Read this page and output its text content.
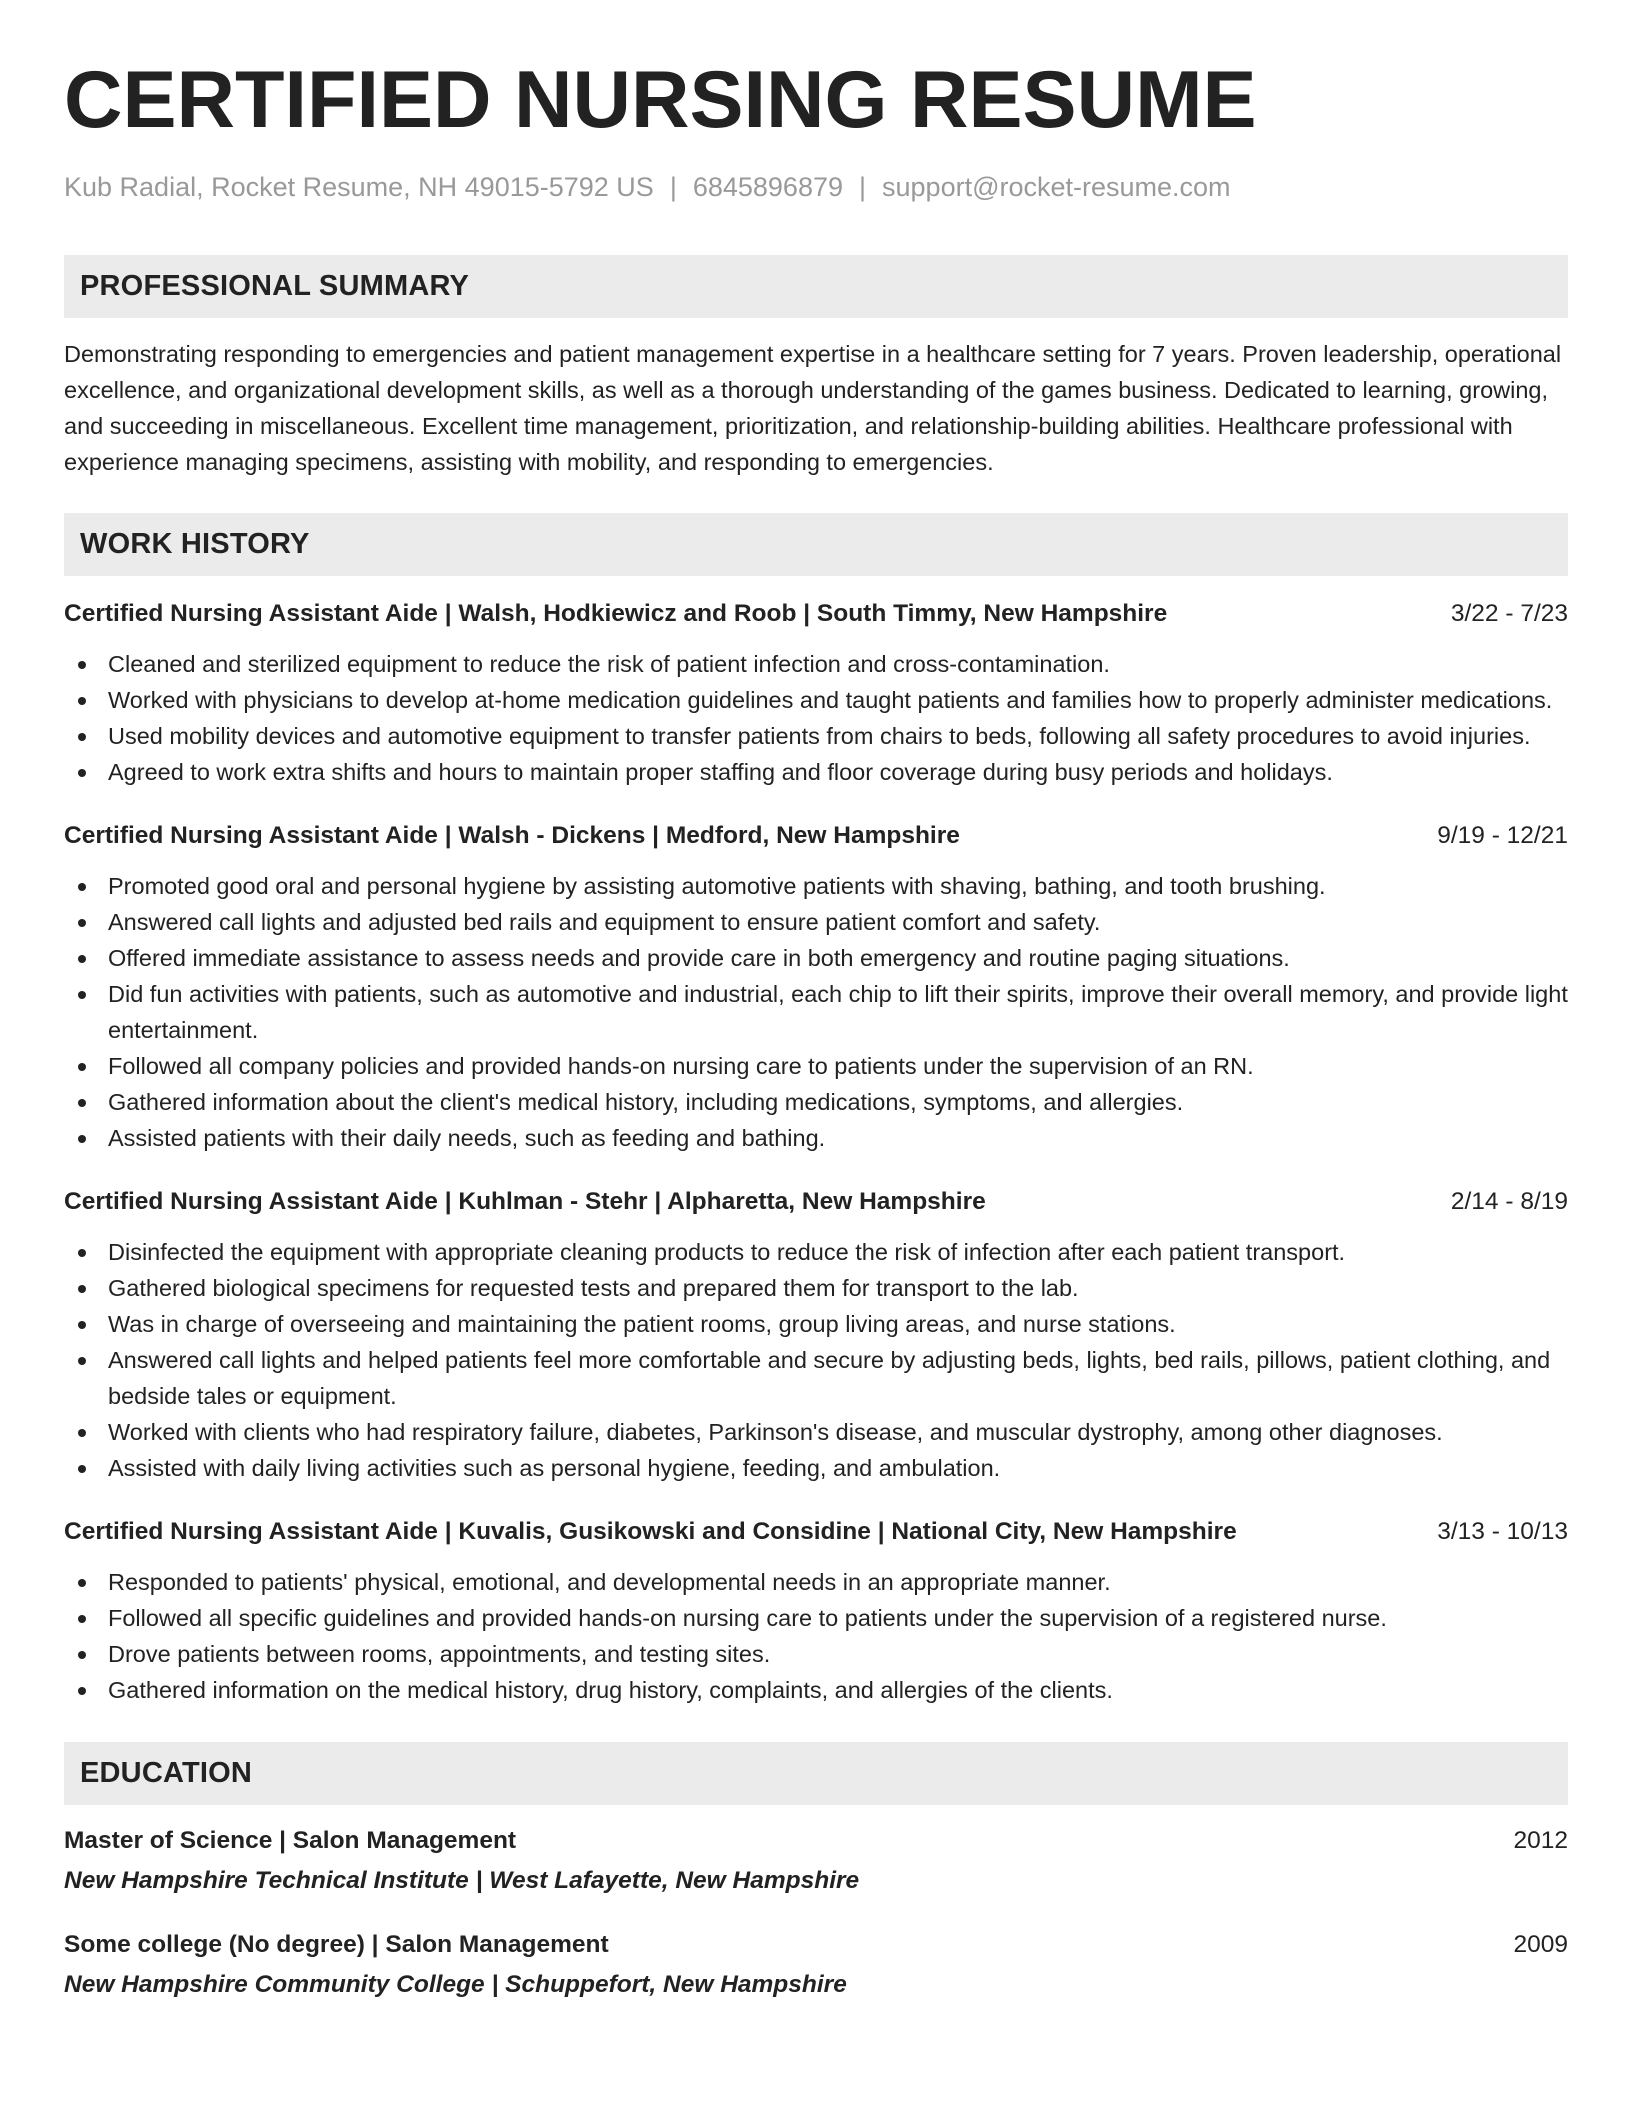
CERTIFIED NURSING RESUME
Kub Radial, Rocket Resume, NH 49015-5792 US | 6845896879 | support@rocket-resume.com
PROFESSIONAL SUMMARY

Demonstrating responding to emergencies and patient management expertise in a healthcare setting for 7 years. Proven leadership, operational excellence, and organizational development skills, as well as a thorough understanding of the games business. Dedicated to learning, growing, and succeeding in miscellaneous. Excellent time management, prioritization, and relationship-building abilities. Healthcare professional with experience managing specimens, assisting with mobility, and responding to emergencies.

WORK HISTORY
Certified Nursing Assistant Aide | Walsh, Hodkiewicz and Roob | South Timmy, New Hampshire	3/22 - 7/23
Cleaned and sterilized equipment to reduce the risk of patient infection and cross-contamination.
Worked with physicians to develop at-home medication guidelines and taught patients and families how to properly administer medications.
Used mobility devices and automotive equipment to transfer patients from chairs to beds, following all safety procedures to avoid injuries.
Agreed to work extra shifts and hours to maintain proper staffing and floor coverage during busy periods and holidays.
Certified Nursing Assistant Aide | Walsh - Dickens | Medford, New Hampshire	9/19 - 12/21
Promoted good oral and personal hygiene by assisting automotive patients with shaving, bathing, and tooth brushing.
Answered call lights and adjusted bed rails and equipment to ensure patient comfort and safety.
Offered immediate assistance to assess needs and provide care in both emergency and routine paging situations.
Did fun activities with patients, such as automotive and industrial, each chip to lift their spirits, improve their overall memory, and provide light entertainment.
Followed all company policies and provided hands-on nursing care to patients under the supervision of an RN.
Gathered information about the client's medical history, including medications, symptoms, and allergies.
Assisted patients with their daily needs, such as feeding and bathing.
Certified Nursing Assistant Aide | Kuhlman - Stehr | Alpharetta, New Hampshire	2/14 - 8/19
Disinfected the equipment with appropriate cleaning products to reduce the risk of infection after each patient transport.
Gathered biological specimens for requested tests and prepared them for transport to the lab.
Was in charge of overseeing and maintaining the patient rooms, group living areas, and nurse stations.
Answered call lights and helped patients feel more comfortable and secure by adjusting beds, lights, bed rails, pillows, patient clothing, and bedside tales or equipment.
Worked with clients who had respiratory failure, diabetes, Parkinson's disease, and muscular dystrophy, among other diagnoses.
Assisted with daily living activities such as personal hygiene, feeding, and ambulation.
Certified Nursing Assistant Aide | Kuvalis, Gusikowski and Considine | National City, New Hampshire	3/13 - 10/13
Responded to patients' physical, emotional, and developmental needs in an appropriate manner.
Followed all specific guidelines and provided hands-on nursing care to patients under the supervision of a registered nurse.
Drove patients between rooms, appointments, and testing sites.
Gathered information on the medical history, drug history, complaints, and allergies of the clients.
EDUCATION
Master of Science | Salon Management	2012
New Hampshire Technical Institute | West Lafayette, New Hampshire
Some college (No degree) | Salon Management	2009
New Hampshire Community College | Schuppefort, New Hampshire
